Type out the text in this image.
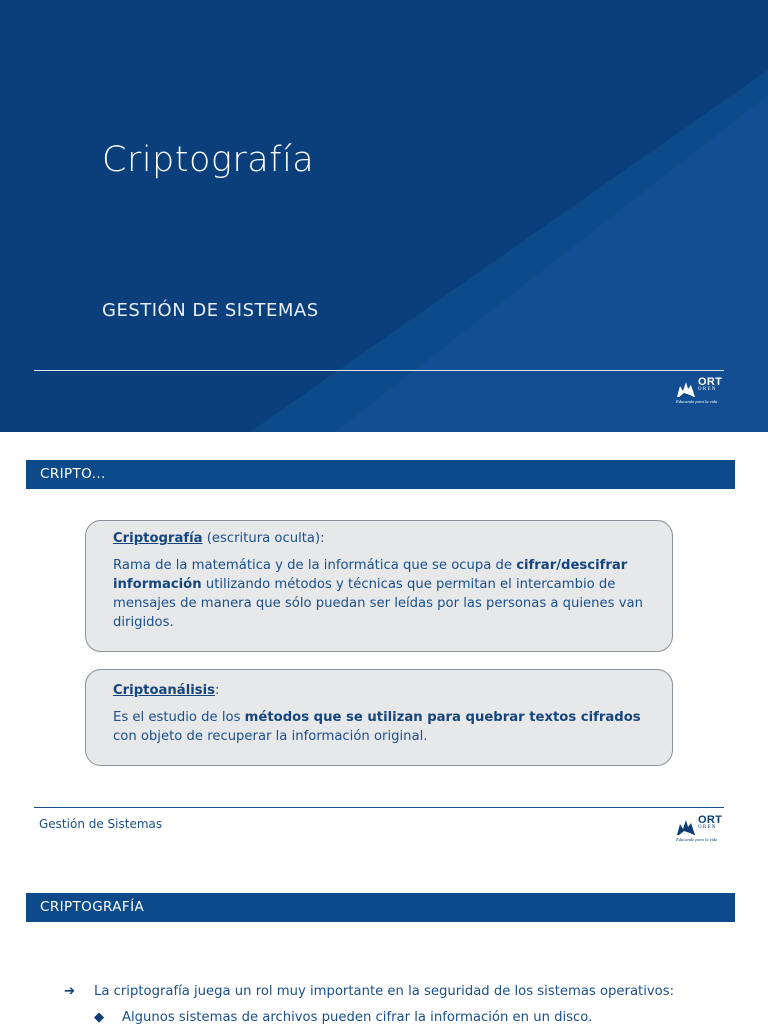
Criptografía
GESTIÓN DE SISTEMAS
ORT
O R E N
Educando para la vida
CRIPTO...
Criptografía (escritura oculta):
Rama de la matemática y de la informática que se ocupa de cifrar/descifrar información utilizando métodos y técnicas que permitan el intercambio de mensajes de manera que sólo puedan ser leídas por las personas a quienes van dirigidos.
Criptoanálisis:
Es el estudio de los métodos que se utilizan para quebrar textos cifrados con objeto de recuperar la información original.
Gestión de Sistemas	ORT
O R E N
Educando para la vida
CRIPTOGRAFÍA
➔ La criptografía juega un rol muy importante en la seguridad de los sistemas operativos:
◆ Algunos sistemas de archivos pueden cifrar la información en un disco.
